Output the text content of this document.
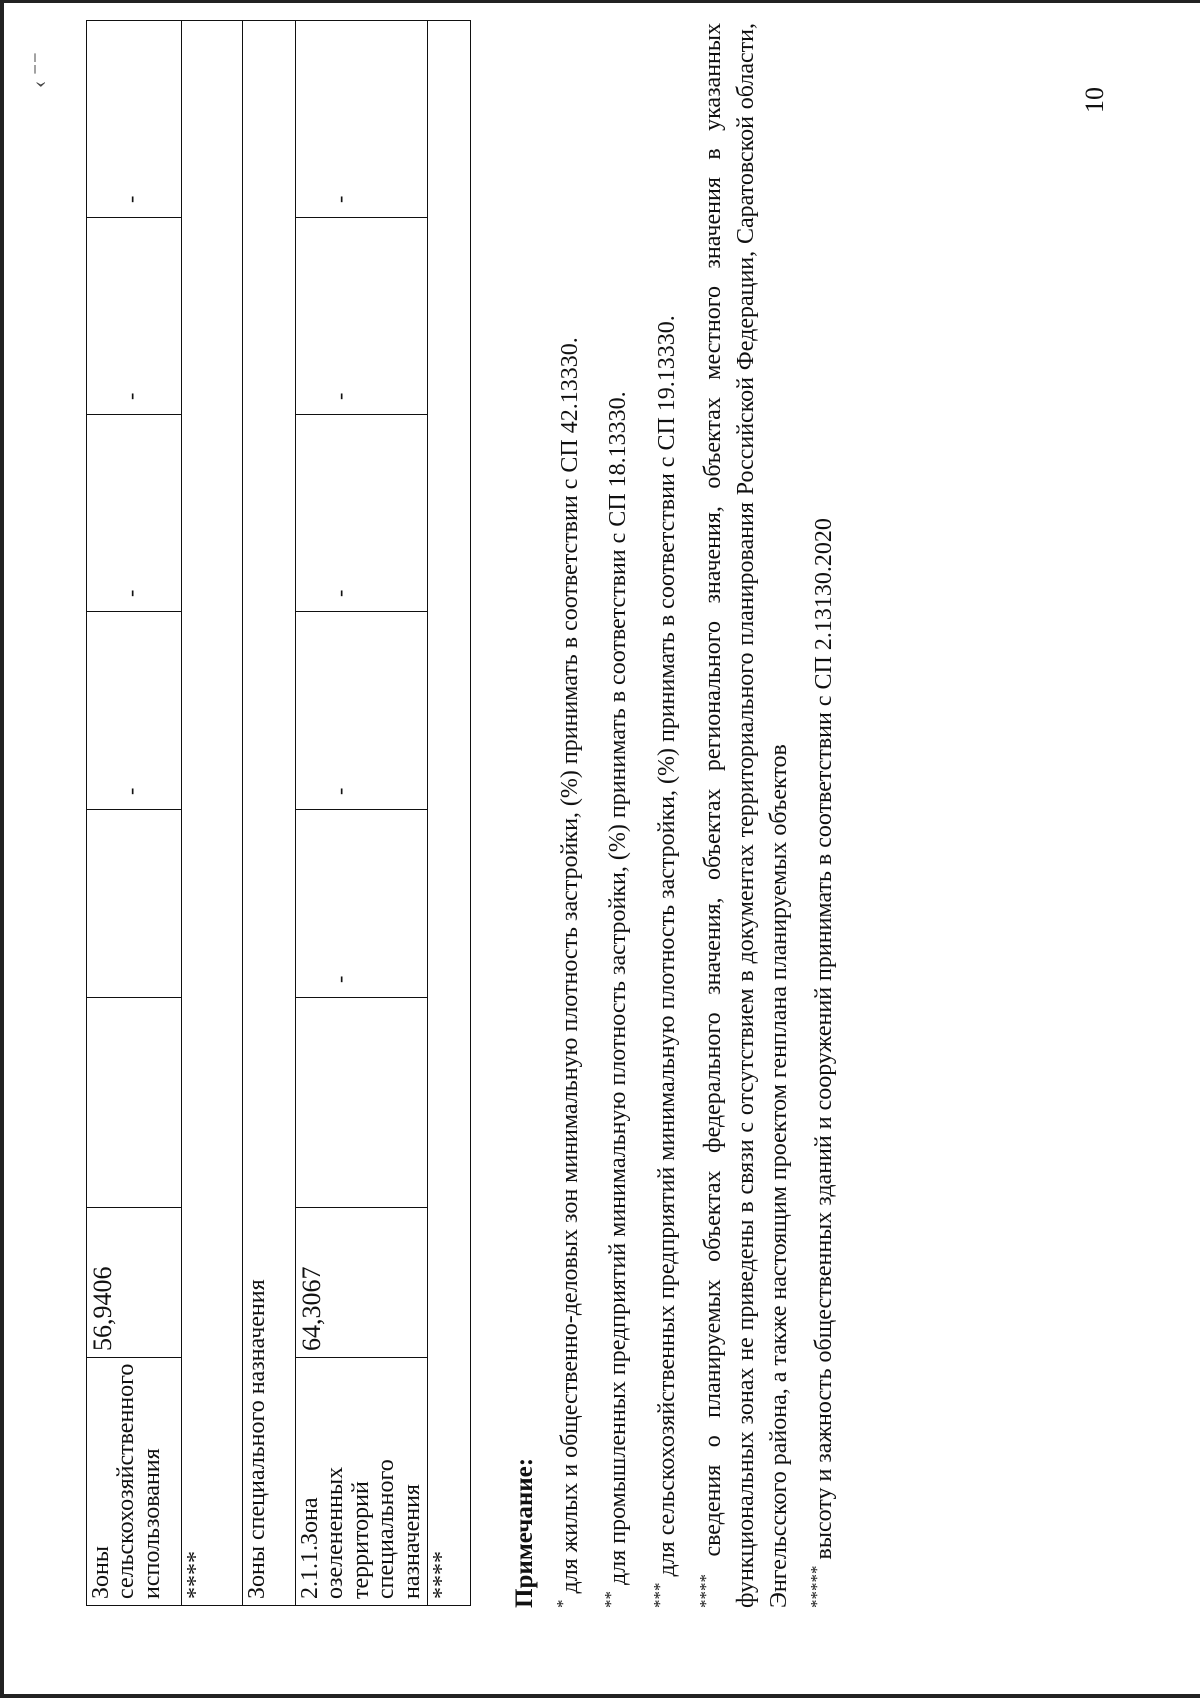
‹ ⁻⁻
Зоны сельскохозяйственного использования	56,9406			-	-	-	-
****							
Зоны специального назначения							
2.1.1.Зона озелененных территорий специального назначения	64,3067		-	-	-	-	-
****							Примечание: * для жилых и общественно-деловых зон минимальную плотность застройки, (%) принимать в соответствии с СП 42.13330.

** для промышленных предприятий минимальную плотность застройки, (%) принимать в соответствии с СП 18.13330.

*** для сельскохозяйственных предприятий минимальную плотность застройки, (%) принимать в соответствии с СП 19.13330.

**** сведения о планируемых объектах федерального значения, объектах регионального значения, объектах местного значения в указанных функциональных зонах не приведены в связи с отсутствием в документах территориального планирования Российской Федерации, Саратовской области, Энгельсского района, а также настоящим проектом генплана планируемых объектов ***** высоту и зажность общественных зданий и сооружений принимать в соответствии с СП 2.13130.2020

10
